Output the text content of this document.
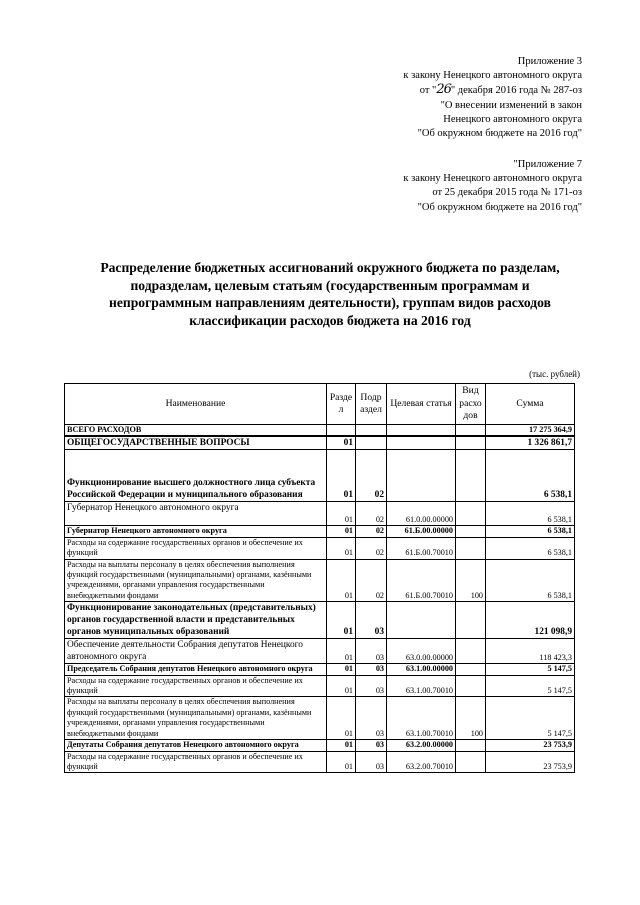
Приложение 3
к закону Ненецкого автономного округа
от "26" декабря 2016 года № 287-оз
"О внесении изменений в закон
Ненецкого автономного округа
"Об окружном бюджете на 2016 год"
"Приложение 7
к закону Ненецкого автономного округа
от 25 декабря 2015 года № 171-оз
"Об окружном бюджете на 2016 год"
Распределение бюджетных ассигнований окружного бюджета по разделам,
подразделам, целевым статьям (государственным программам и
непрограммным направлениям деятельности), группам видов расходов
классификации расходов бюджета на 2016 год
(тыс. рублей)
Наименование	Разде л	Подр аздел	Целевая статья	Вид расхо дов	Сумма
ВСЕГО РАСХОДОВ					17 275 364,9
ОБЩЕГОСУДАРСТВЕННЫЕ ВОПРОСЫ	01				1 326 861,7
Функционирование высшего должностного лица субъекта Российской Федерации и муниципального образования	01	02			6 538,1
Губернатор Ненецкого автономного округа	01	02	61.0.00.00000		6 538,1
Губернатор Ненецкого автономного округа	01	02	61.Б.00.00000		6 538,1
Расходы на содержание государственных органов и обеспечение их функций	01	02	61.Б.00.70010		6 538,1
Расходы на выплаты персоналу в целях обеспечения выполнения функций государственными (муниципальными) органами, казёнными учреждениями, органами управления государственными внебюджетными фондами	01	02	61.Б.00.70010	100	6 538,1
Функционирование законодательных (представительных) органов государственной власти и представительных органов муниципальных образований	01	03			121 098,9
Обеспечение деятельности Собрания депутатов Ненецкого автономного округа	01	03	63.0.00.00000		118 423,3
Председатель Собрания депутатов Ненецкого автономного округа	01	03	63.1.00.00000		5 147,5
Расходы на содержание государственных органов и обеспечение их функций	01	03	63.1.00.70010		5 147,5
Расходы на выплаты персоналу в целях обеспечения выполнения функций государственными (муниципальными) органами, казёнными учреждениями, органами управления государственными внебюджетными фондами	01	03	63.1.00.70010	100	5 147,5
Депутаты Собрания депутатов Ненецкого автономного округа	01	03	63.2.00.00000		23 753,9
Расходы на содержание государственных органов и обеспечение их функций	01	03	63.2.00.70010		23 753,9
